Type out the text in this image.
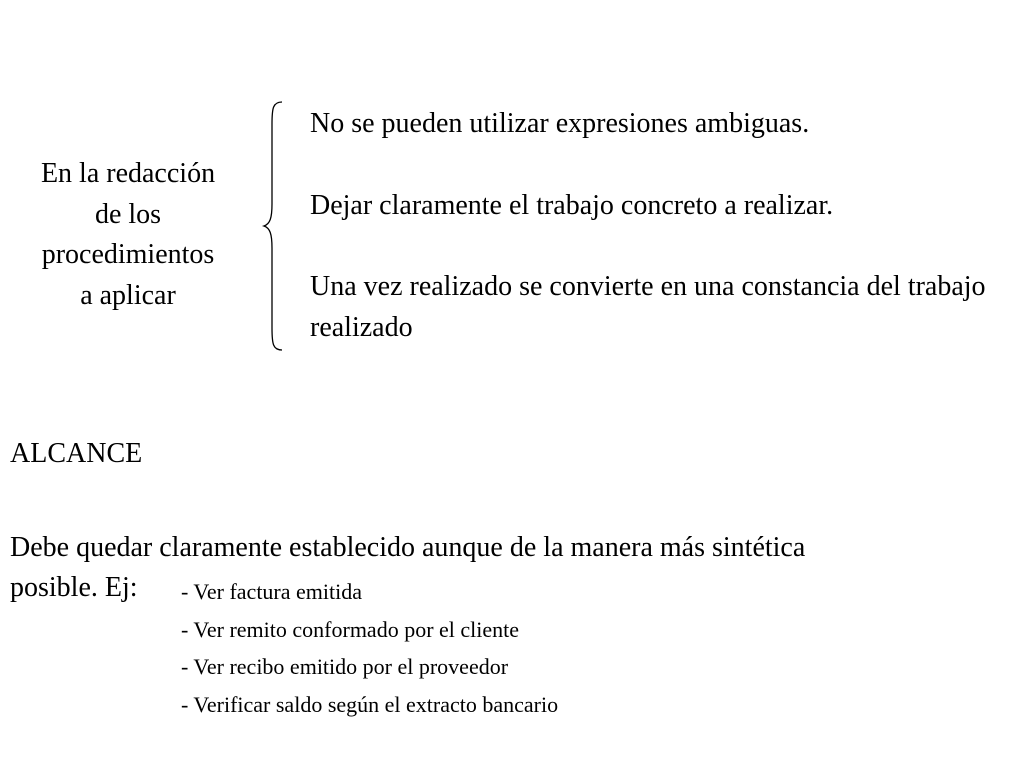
En la redacción
de los
procedimientos
a aplicar

No se pueden utilizar expresiones ambiguas.

Dejar claramente el trabajo concreto a realizar.

Una vez realizado se convierte en una constancia del trabajo realizado

ALCANCE
Debe quedar claramente establecido aunque de la manera más sintética
posible. Ej: - Ver factura emitida
- Ver remito conformado por el cliente
- Ver recibo emitido por el proveedor
- Verificar saldo según el extracto bancario
